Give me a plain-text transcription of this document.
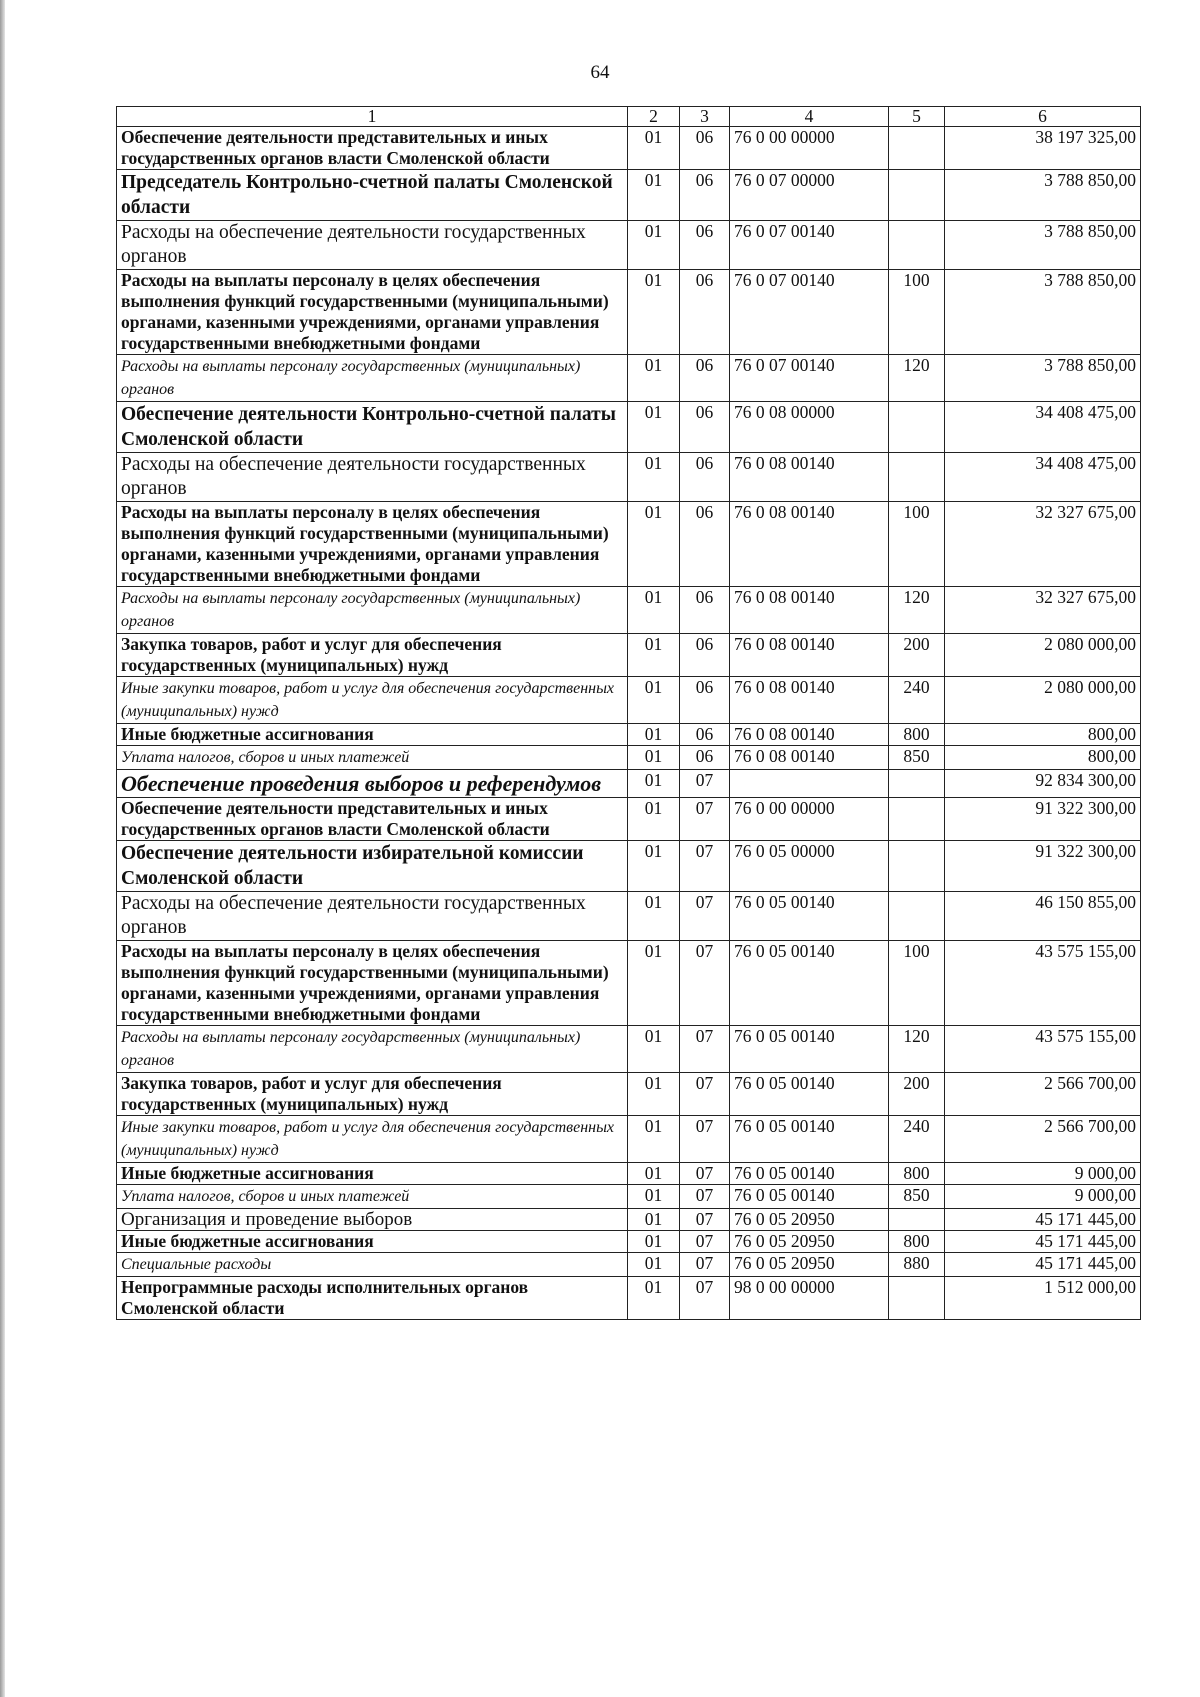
64
1	2	3	4	5	6
Обеспечение деятельности представительных и иных государственных органов власти Смоленской области	01	06	76 0 00 00000		38 197 325,00
Председатель Контрольно-счетной палаты Смоленской области	01	06	76 0 07 00000		3 788 850,00
Расходы на обеспечение деятельности государственных органов	01	06	76 0 07 00140		3 788 850,00
Расходы на выплаты персоналу в целях обеспечения выполнения функций государственными (муниципальными) органами, казенными учреждениями, органами управления государственными внебюджетными фондами	01	06	76 0 07 00140	100	3 788 850,00
Расходы на выплаты персоналу государственных (муниципальных) органов	01	06	76 0 07 00140	120	3 788 850,00
Обеспечение деятельности Контрольно-счетной палаты Смоленской области	01	06	76 0 08 00000		34 408 475,00
Расходы на обеспечение деятельности государственных органов	01	06	76 0 08 00140		34 408 475,00
Расходы на выплаты персоналу в целях обеспечения выполнения функций государственными (муниципальными) органами, казенными учреждениями, органами управления государственными внебюджетными фондами	01	06	76 0 08 00140	100	32 327 675,00
Расходы на выплаты персоналу государственных (муниципальных) органов	01	06	76 0 08 00140	120	32 327 675,00
Закупка товаров, работ и услуг для обеспечения государственных (муниципальных) нужд	01	06	76 0 08 00140	200	2 080 000,00
Иные закупки товаров, работ и услуг для обеспечения государственных (муниципальных) нужд	01	06	76 0 08 00140	240	2 080 000,00
Иные бюджетные ассигнования	01	06	76 0 08 00140	800	800,00
Уплата налогов, сборов и иных платежей	01	06	76 0 08 00140	850	800,00
Обеспечение проведения выборов и референдумов	01	07			92 834 300,00
Обеспечение деятельности представительных и иных государственных органов власти Смоленской области	01	07	76 0 00 00000		91 322 300,00
Обеспечение деятельности избирательной комиссии Смоленской области	01	07	76 0 05 00000		91 322 300,00
Расходы на обеспечение деятельности государственных органов	01	07	76 0 05 00140		46 150 855,00
Расходы на выплаты персоналу в целях обеспечения выполнения функций государственными (муниципальными) органами, казенными учреждениями, органами управления государственными внебюджетными фондами	01	07	76 0 05 00140	100	43 575 155,00
Расходы на выплаты персоналу государственных (муниципальных) органов	01	07	76 0 05 00140	120	43 575 155,00
Закупка товаров, работ и услуг для обеспечения государственных (муниципальных) нужд	01	07	76 0 05 00140	200	2 566 700,00
Иные закупки товаров, работ и услуг для обеспечения государственных (муниципальных) нужд	01	07	76 0 05 00140	240	2 566 700,00
Иные бюджетные ассигнования	01	07	76 0 05 00140	800	9 000,00
Уплата налогов, сборов и иных платежей	01	07	76 0 05 00140	850	9 000,00
Организация и проведение выборов	01	07	76 0 05 20950		45 171 445,00
Иные бюджетные ассигнования	01	07	76 0 05 20950	800	45 171 445,00
Специальные расходы	01	07	76 0 05 20950	880	45 171 445,00
Непрограммные расходы исполнительных органов Смоленской области	01	07	98 0 00 00000		1 512 000,00
